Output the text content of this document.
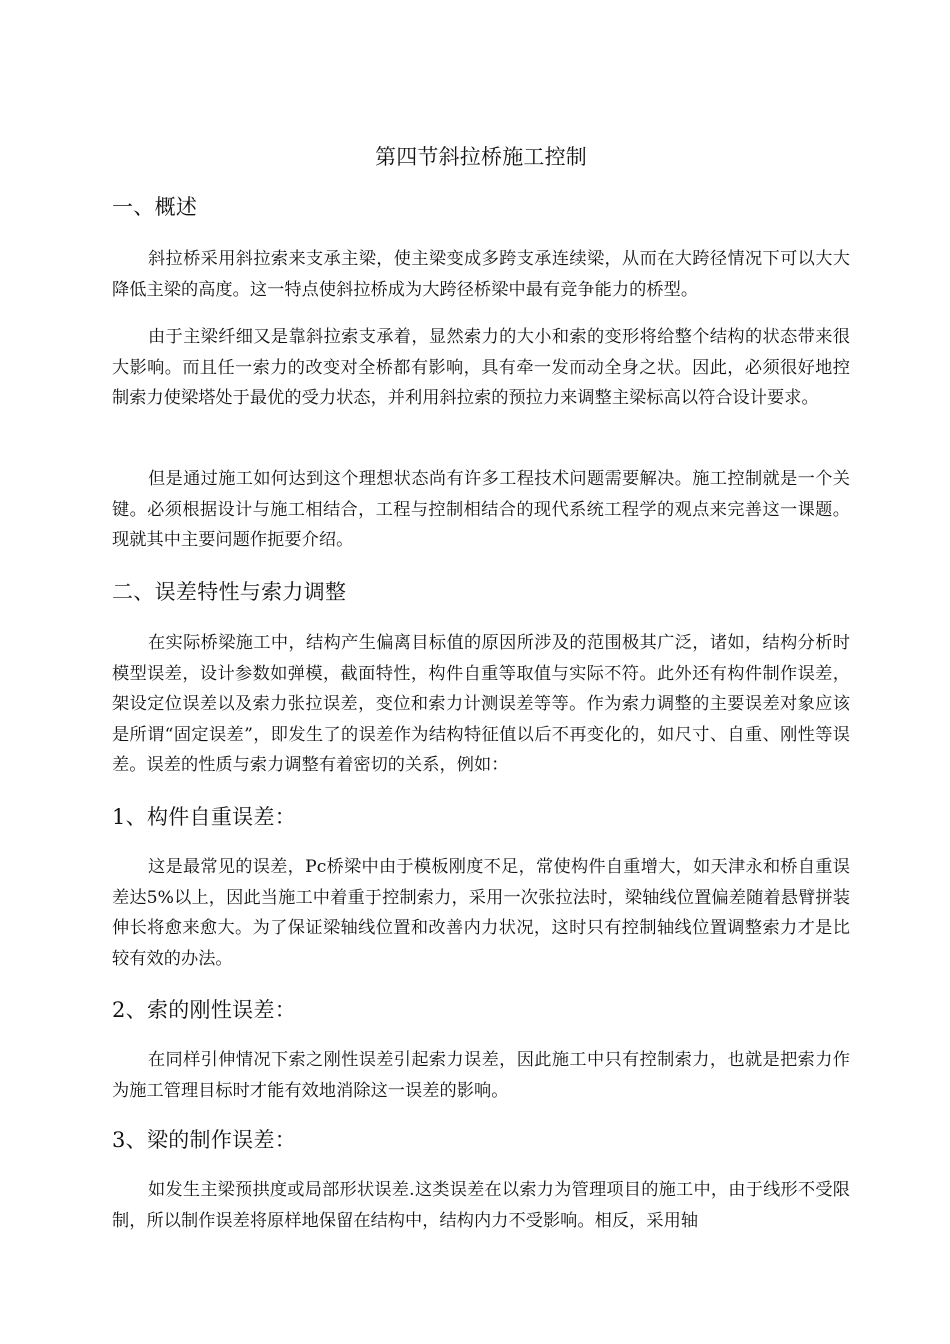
第四节斜拉桥施工控制
一、概述

斜拉桥采用斜拉索来支承主梁，使主梁变成多跨支承连续梁，从而在大跨径情况下可以大大降低主梁的高度。这一特点使斜拉桥成为大跨径桥梁中最有竞争能力的桥型。

由于主梁纤细又是靠斜拉索支承着，显然索力的大小和索的变形将给整个结构的状态带来很大影响。而且任一索力的改变对全桥都有影响，具有牵一发而动全身之状。因此，必须很好地控制索力使梁塔处于最优的受力状态，并利用斜拉索的预拉力来调整主梁标高以符合设计要求。

但是通过施工如何达到这个理想状态尚有许多工程技术问题需要解决。施工控制就是一个关键。必须根据设计与施工相结合，工程与控制相结合的现代系统工程学的观点来完善这一课题。现就其中主要问题作扼要介绍。

二、误差特性与索力调整

在实际桥梁施工中，结构产生偏离目标值的原因所涉及的范围极其广泛，诸如，结构分析时模型误差，设计参数如弹模，截面特性，构件自重等取值与实际不符。此外还有构件制作误差，架设定位误差以及索力张拉误差，变位和索力计测误差等等。作为索力调整的主要误差对象应该是所谓“固定误差”，即发生了的误差作为结构特征值以后不再变化的，如尺寸、自重、刚性等误差。误差的性质与索力调整有着密切的关系，例如：

1、构件自重误差：

这是最常见的误差，Pc桥梁中由于模板刚度不足，常使构件自重增大，如天津永和桥自重误差达5%以上，因此当施工中着重于控制索力，采用一次张拉法时，梁轴线位置偏差随着悬臂拼装伸长将愈来愈大。为了保证梁轴线位置和改善内力状况，这时只有控制轴线位置调整索力才是比较有效的办法。

2、索的刚性误差：

在同样引伸情况下索之刚性误差引起索力误差，因此施工中只有控制索力，也就是把索力作为施工管理目标时才能有效地消除这一误差的影响。

3、梁的制作误差：

如发生主梁预拱度或局部形状误差.这类误差在以索力为管理项目的施工中，由于线形不受限制，所以制作误差将原样地保留在结构中，结构内力不受影响。相反，采用轴
